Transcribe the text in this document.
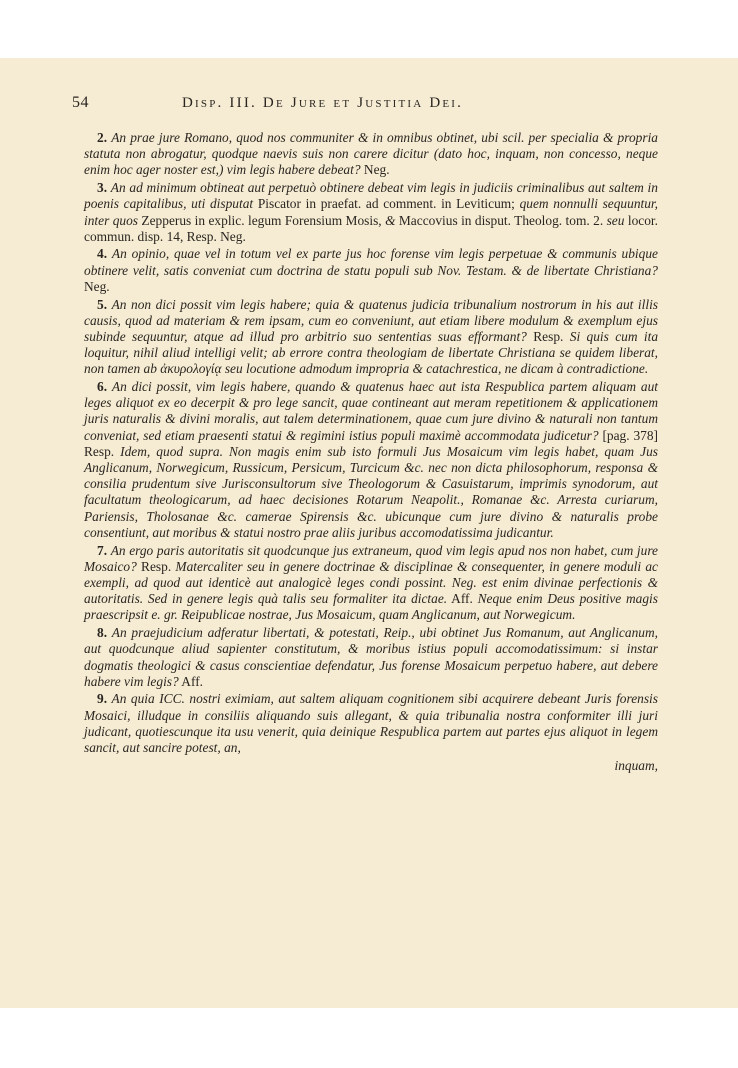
54	Disp. III. De Jure et Justitia Dei.

2. An prae jure Romano, quod nos communiter & in omnibus obtinet, ubi scil. per specialia & propria statuta non abrogatur, quodque naevis suis non carere dicitur (dato hoc, inquam, non concesso, neque enim hoc ager noster est,) vim legis habere debeat? Neg.

3. An ad minimum obtineat aut perpetuò obtinere debeat vim legis in judiciis criminalibus aut saltem in poenis capitalibus, uti disputat Piscator in praefat. ad comment. in Leviticum; quem nonnulli sequuntur, inter quos Zepperus in explic. legum Forensium Mosis, & Maccovius in disput. Theolog. tom. 2. seu locor. commun. disp. 14, Resp. Neg.

4. An opinio, quae vel in totum vel ex parte jus hoc forense vim legis perpetuae & communis ubique obtinere velit, satis conveniat cum doctrina de statu populi sub Nov. Testam. & de libertate Christiana? Neg.

5. An non dici possit vim legis habere; quia & quatenus judicia tribunalium nostrorum in his aut illis causis, quod ad materiam & rem ipsam, cum eo conveniunt, aut etiam libere modulum & exemplum ejus subinde sequuntur, atque ad illud pro arbitrio suo sententias suas efformant? Resp. Si quis cum ita loquitur, nihil aliud intelligi velit; ab errore contra theologiam de libertate Christiana se quidem liberat, non tamen ab ἀκυρολογίᾳ seu locutione admodum impropria & catachrestica, ne dicam à contradictione.

6. An dici possit, vim legis habere, quando & quatenus haec aut ista Respublica partem aliquam aut leges aliquot ex eo decerpit & pro lege sancit, quae contineant aut meram repetitionem & applicationem juris naturalis & divini moralis, aut talem determinationem, quae cum jure divino & naturali non tantum conveniat, sed etiam praesenti statui & regimini istius populi maximè accommodata judicetur? [pag. 378] Resp. Idem, quod supra. Non magis enim sub isto formuli Jus Mosaicum vim legis habet, quam Jus Anglicanum, Norwegicum, Russicum, Persicum, Turcicum &c. nec non dicta philosophorum, responsa & consilia prudentum sive Jurisconsultorum sive Theologorum & Casuistarum, imprimis synodorum, aut facultatum theologicarum, ad haec decisiones Rotarum Neapolit., Romanae &c. Arresta curiarum, Pariensis, Tholosanae &c. camerae Spirensis &c. ubicunque cum jure divino & naturalis probe consentiunt, aut moribus & statui nostro prae aliis juribus accomodatissima judicantur.

7. An ergo paris autoritatis sit quodcunque jus extraneum, quod vim legis apud nos non habet, cum jure Mosaico? Resp. Matercaliter seu in genere doctrinae & disciplinae & consequenter, in genere moduli ac exempli, ad quod aut identicè aut analogicè leges condi possint. Neg. est enim divinae perfectionis & autoritatis. Sed in genere legis quà talis seu formaliter ita dictae. Aff. Neque enim Deus positive magis praescripsit e. gr. Reipublicae nostrae, Jus Mosaicum, quam Anglicanum, aut Norwegicum.

8. An praejudicium adferatur libertati, & potestati, Reip., ubi obtinet Jus Romanum, aut Anglicanum, aut quodcunque aliud sapienter constitutum, & moribus istius populi accomodatissimum: si instar dogmatis theologici & casus conscientiae defendatur, Jus forense Mosaicum perpetuo habere, aut debere habere vim legis? Aff.

9. An quia ICC. nostri eximiam, aut saltem aliquam cognitionem sibi acquirere debeant Juris forensis Mosaici, illudque in consiliis aliquando suis allegant, & quia tribunalia nostra conformiter illi juri judicant, quotiescunque ita usu venerit, quia deinique Respublica partem aut partes ejus aliquot in legem sancit, aut sancire potest, an,

inquam,
